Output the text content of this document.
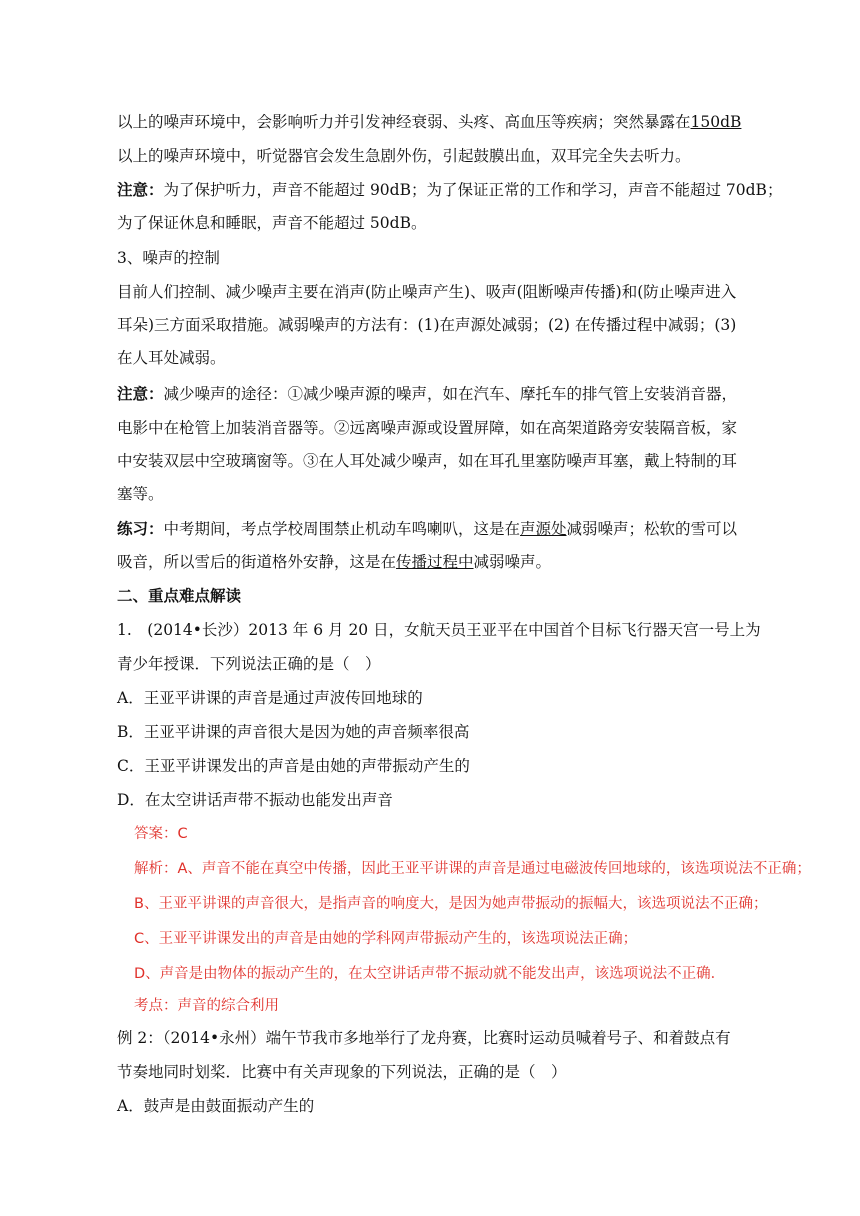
以上的噪声环境中，会影响听力并引发神经衰弱、头疼、高血压等疾病；突然暴露在150dB
以上的噪声环境中，听觉器官会发生急剧外伤，引起鼓膜出血，双耳完全失去听力。
注意：为了保护听力，声音不能超过 90dB；为了保证正常的工作和学习，声音不能超过 70dB；
为了保证休息和睡眠，声音不能超过 50dB。
3、噪声的控制
目前人们控制、减少噪声主要在消声(防止噪声产生)、吸声(阻断噪声传播)和(防止噪声进入
耳朵)三方面采取措施。减弱噪声的方法有：(1)在声源处减弱；(2) 在传播过程中减弱；(3)
在人耳处减弱。
注意：减少噪声的途径：①减少噪声源的噪声，如在汽车、摩托车的排气管上安装消音器，
电影中在枪管上加装消音器等。②远离噪声源或设置屏障，如在高架道路旁安装隔音板，家
中安装双层中空玻璃窗等。③在人耳处减少噪声，如在耳孔里塞防噪声耳塞，戴上特制的耳
塞等。
练习：中考期间，考点学校周围禁止机动车鸣喇叭，这是在声源处减弱噪声；松软的雪可以
吸音，所以雪后的街道格外安静，这是在传播过程中减弱噪声。
二、重点难点解读
1.　(2014•长沙）2013 年 6 月 20 日，女航天员王亚平在中国首个目标飞行器天宫一号上为
青少年授课．下列说法正确的是（　）
A．王亚平讲课的声音是通过声波传回地球的
B．王亚平讲课的声音很大是因为她的声音频率很高
C．王亚平讲课发出的声音是由她的声带振动产生的
D．在太空讲话声带不振动也能发出声音
答案：C
解析：A、声音不能在真空中传播，因此王亚平讲课的声音是通过电磁波传回地球的，该选项说法不正确；
B、王亚平讲课的声音很大，是指声音的响度大，是因为她声带振动的振幅大，该选项说法不正确；
C、王亚平讲课发出的声音是由她的学科网声带振动产生的，该选项说法正确；
D、声音是由物体的振动产生的，在太空讲话声带不振动就不能发出声，该选项说法不正确．
考点：声音的综合利用
例 2：（2014•永州）端午节我市多地举行了龙舟赛，比赛时运动员喊着号子、和着鼓点有
节奏地同时划桨．比赛中有关声现象的下列说法，正确的是（　）
A．鼓声是由鼓面振动产生的
